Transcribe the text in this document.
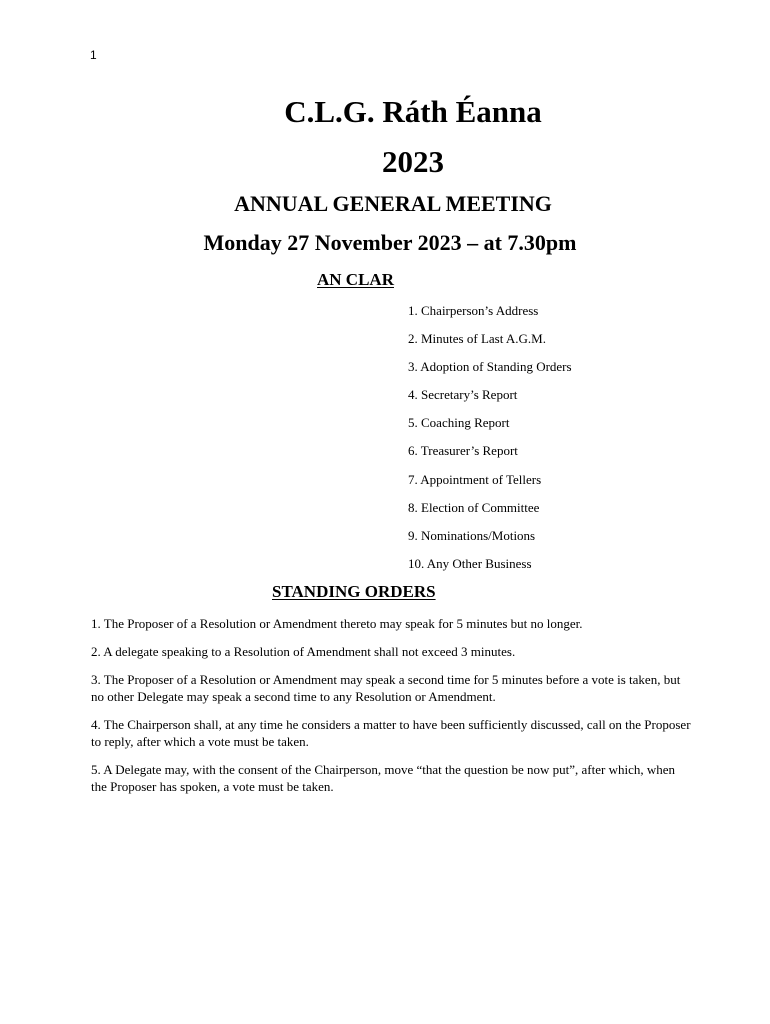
1
C.L.G. Ráth Éanna
2023
ANNUAL GENERAL MEETING
Monday 27 November 2023 – at 7.30pm
AN CLAR
1. Chairperson’s Address
2. Minutes of Last A.G.M.
3. Adoption of Standing Orders
4. Secretary’s Report
5. Coaching Report
6. Treasurer’s Report
7. Appointment of Tellers
8. Election of Committee
9. Nominations/Motions
10. Any Other Business
STANDING ORDERS

1. The Proposer of a Resolution or Amendment thereto may speak for 5 minutes but no longer.

2. A delegate speaking to a Resolution of Amendment shall not exceed 3 minutes.

3. The Proposer of a Resolution or Amendment may speak a second time for 5 minutes before a vote is taken, but no other Delegate may speak a second time to any Resolution or Amendment.

4. The Chairperson shall, at any time he considers a matter to have been sufficiently discussed, call on the Proposer to reply, after which a vote must be taken.

5. A Delegate may, with the consent of the Chairperson, move “that the question be now put”, after which, when the Proposer has spoken, a vote must be taken.
